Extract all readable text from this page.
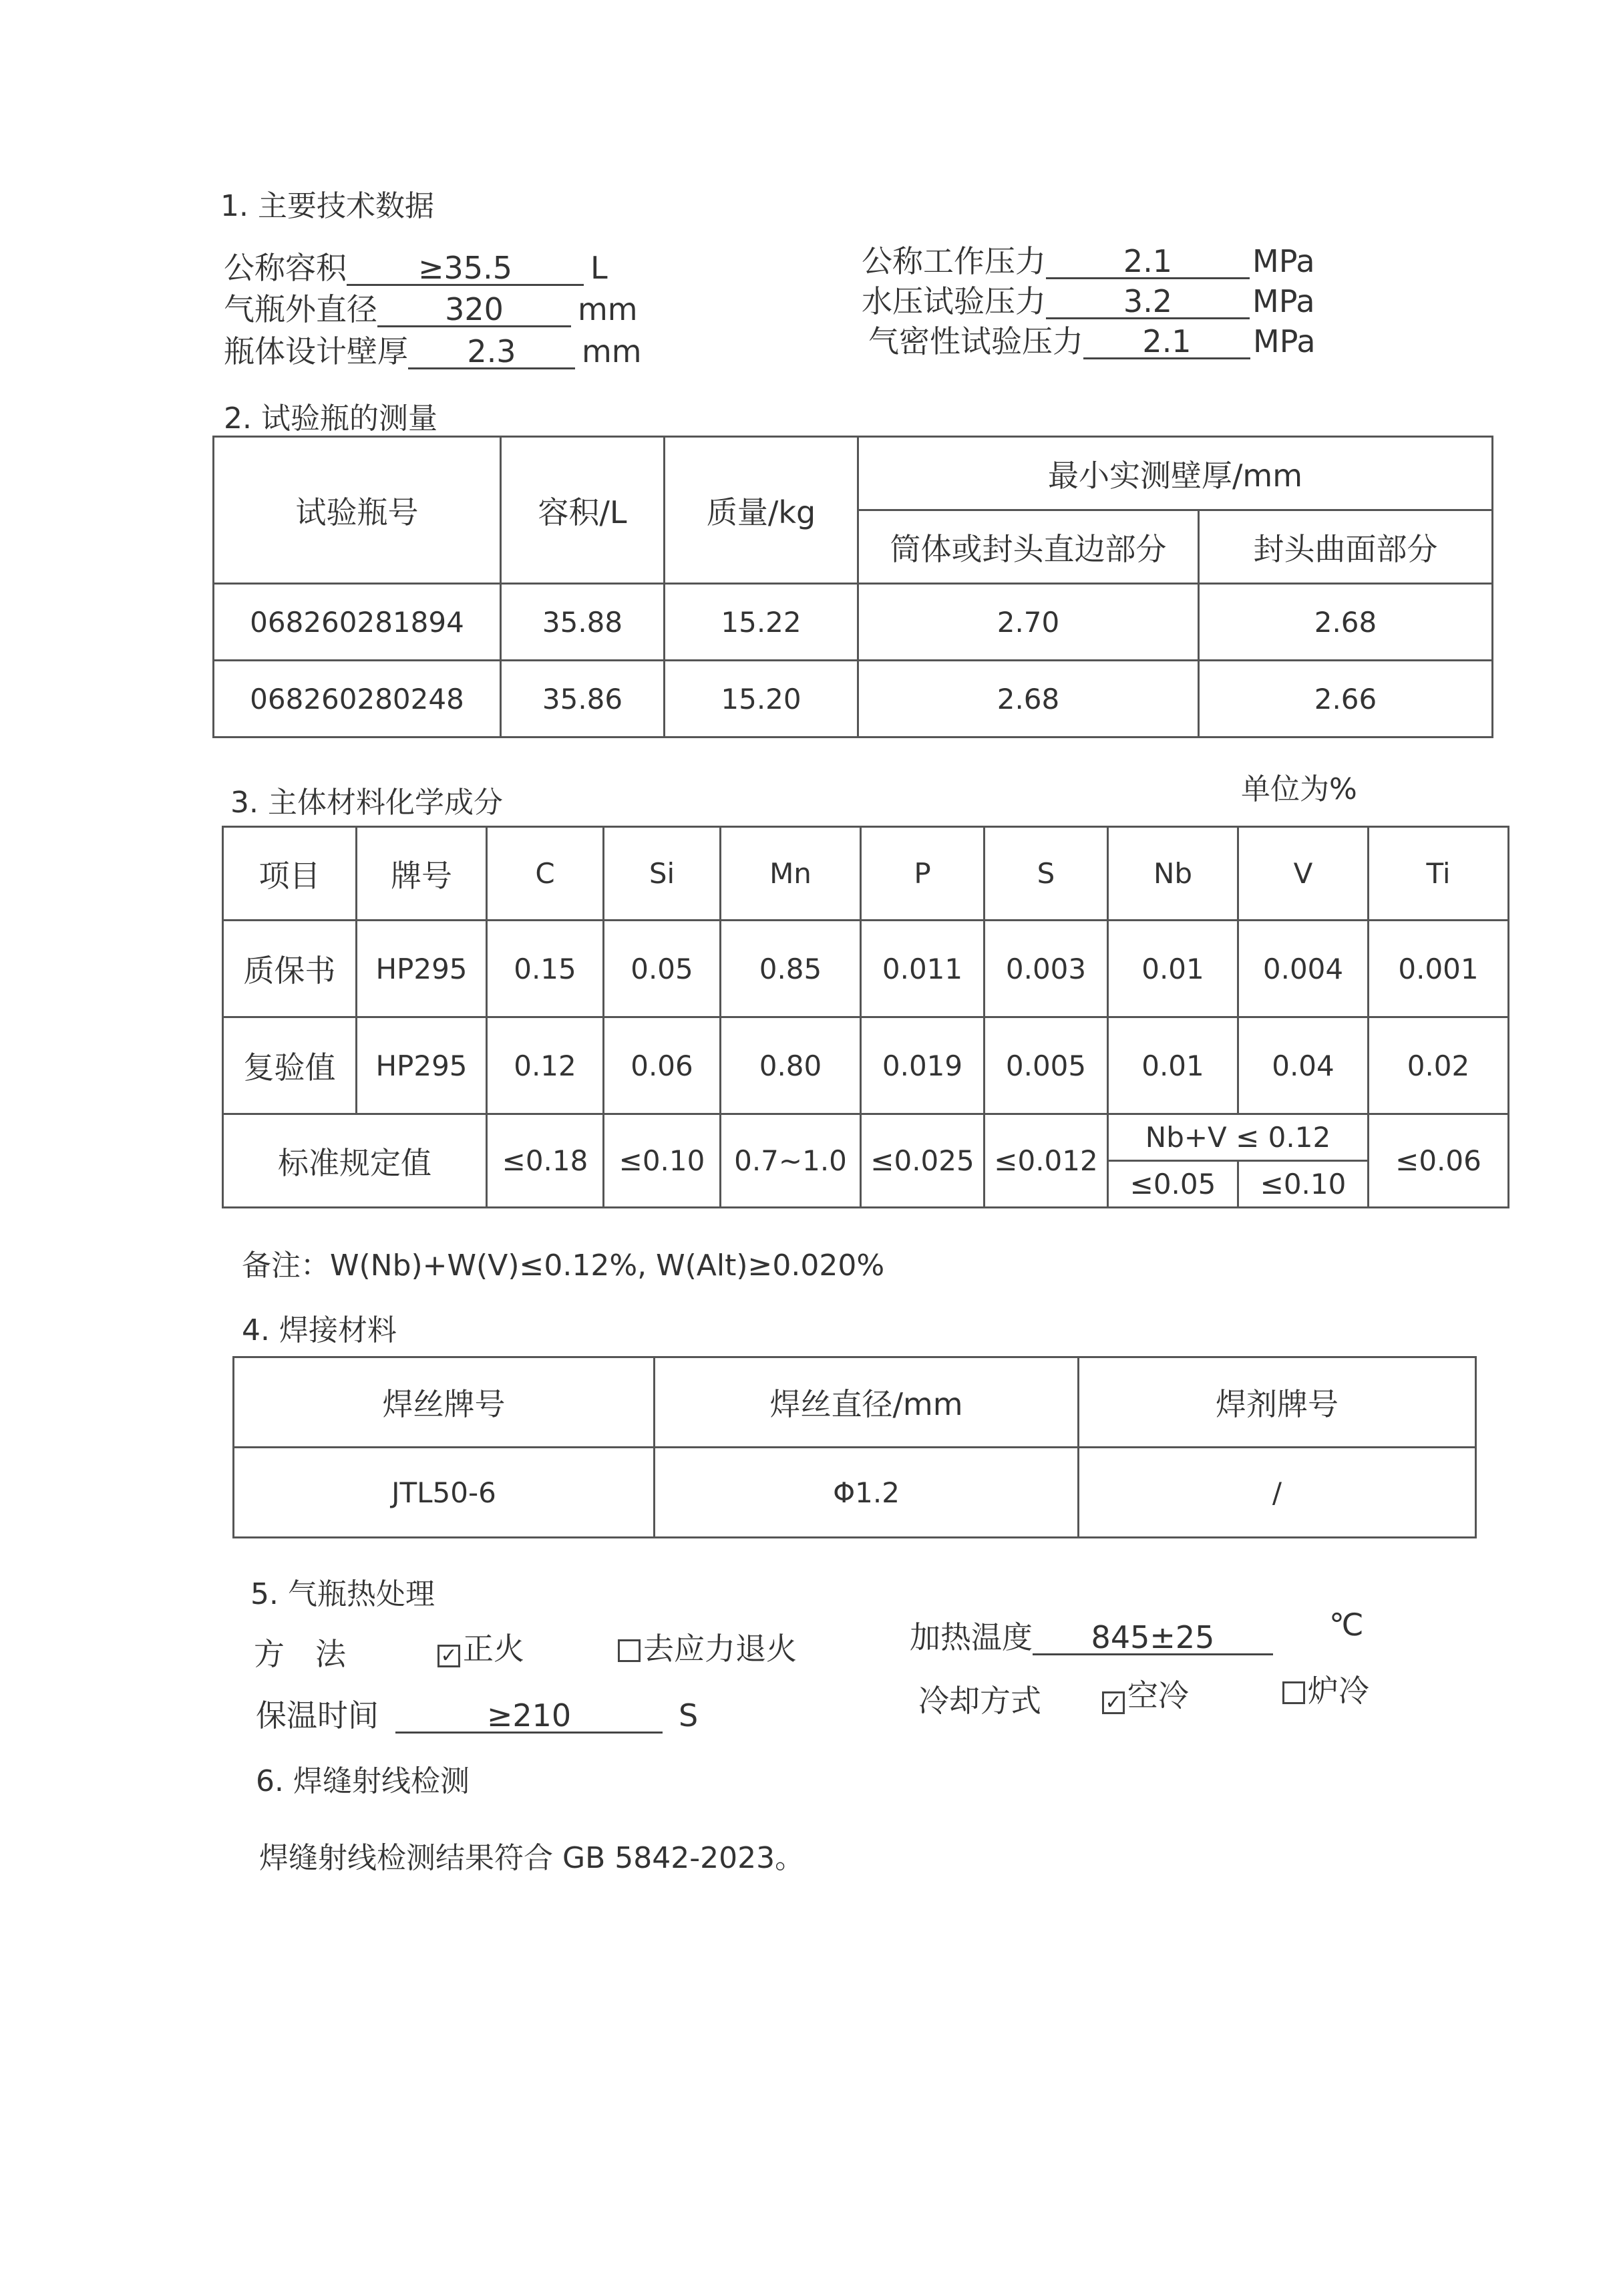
1. 主要技术数据
公称容积 ≥35.5	L
气瓶外直径 320 mm
瓶体设计壁厚 2.3 mm
公称工作压力	2.1	MPa
水压试验压力	3.2	MPa
气密性试验压力 2.1 MPa
2. 试验瓶的测量
试验瓶号	容积/L	质量/kg	最小实测壁厚/mm	
			筒体或封头直边部分	封头曲面部分
068260281894	35.88	15.22	2.70	2.68
068260280248	35.86	15.20	2.68	2.66
3. 主体材料化学成分	单位为%
项目	牌号	C	Si	Mn	P	S	Nb	V	Ti
质保书	HP295	0.15	0.05	0.85	0.011	0.003	0.01	0.004	0.001
复验值	HP295	0.12	0.06	0.80	0.019	0.005	0.01	0.04	0.02
标准规定值		≤0.18	≤0.10	0.7~1.0	≤0.025	≤0.012	Nb+V ≤ 0.12		≤0.06
							≤0.05	≤0.10	
备注：W(Nb)+W(V)≤0.12%, W(Alt)≥0.020%
4. 焊接材料
焊丝牌号	焊丝直径/mm	焊剂牌号
JTL50-6	Φ1.2	/
5. 气瓶热处理
方　法	✓ 正火	去应力退火	加热温度 845±25	℃
保温时间	≥210	S	冷却方式	✓ 空冷	炉冷
6. 焊缝射线检测
焊缝射线检测结果符合 GB 5842-2023。
